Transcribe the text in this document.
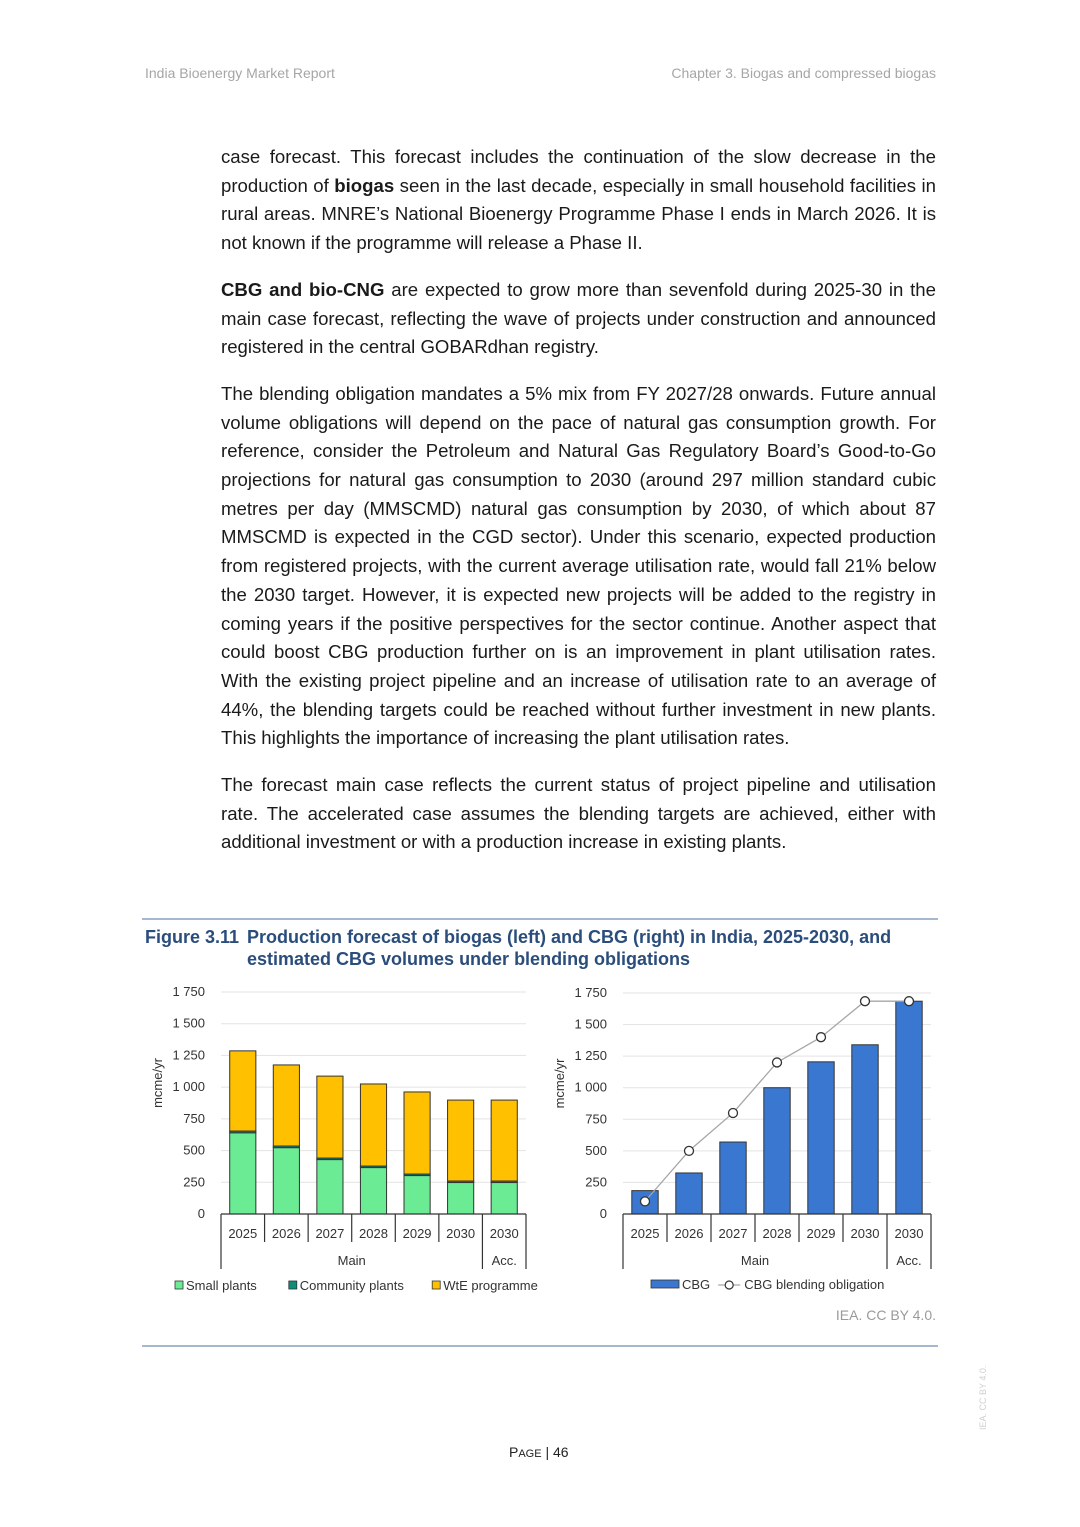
India Bioenergy Market Report	Chapter 3. Biogas and compressed biogas

case forecast. This forecast includes the continuation of the slow decrease in the production of biogas seen in the last decade, especially in small household facilities in rural areas. MNRE’s National Bioenergy Programme Phase I ends in March 2026. It is not known if the programme will release a Phase II.

CBG and bio-CNG are expected to grow more than sevenfold during 2025-30 in the main case forecast, reflecting the wave of projects under construction and announced registered in the central GOBARdhan registry.

The blending obligation mandates a 5% mix from FY 2027/28 onwards. Future annual volume obligations will depend on the pace of natural gas consumption growth. For reference, consider the Petroleum and Natural Gas Regulatory Board’s Good-to-Go projections for natural gas consumption to 2030 (around 297 million standard cubic metres per day (MMSCMD) natural gas consumption by 2030, of which about 87 MMSCMD is expected in the CGD sector). Under this scenario, expected production from registered projects, with the current average utilisation rate, would fall 21% below the 2030 target. However, it is expected new projects will be added to the registry in coming years if the positive perspectives for the sector continue. Another aspect that could boost CBG production further on is an improvement in plant utilisation rates. With the existing project pipeline and an increase of utilisation rate to an average of 44%, the blending targets could be reached without further investment in new plants. This highlights the importance of increasing the plant utilisation rates.

The forecast main case reflects the current status of project pipeline and utilisation rate. The accelerated case assumes the blending targets are achieved, either with additional investment or with a production increase in existing plants.

Figure 3.11 Production forecast of biogas (left) and CBG (right) in India, 2025-2030, and estimated CBG volumes under blending obligations
mcme/yr
0
250
500
750
1 000
1 250
1 500
1 750
2025 2026 2027 2028 2029 2030 2030
Main	Acc.
Small plants	Community plants	WtE programme
mcme/yr
0
250
500
750
1 000
1 250
1 500
1 750
2025 2026 2027 2028 2029 2030 2030
Main	Acc.
CBG	CBG blending obligation
IEA. CC BY 4.0.
PAGE | 46
IEA. CC BY 4.0.
